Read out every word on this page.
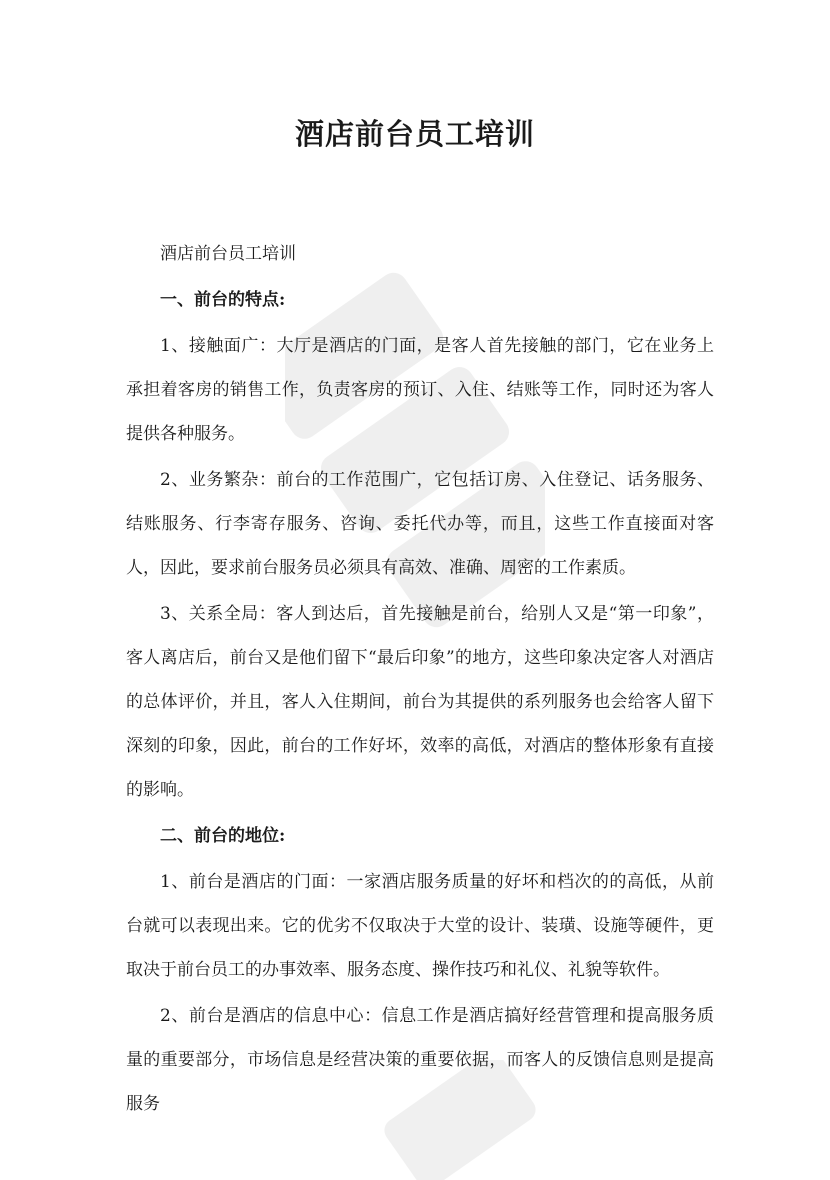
酒店前台员工培训

酒店前台员工培训

一、前台的特点:

1、接触面广：大厅是酒店的门面，是客人首先接触的部门，它在业务上承担着客房的销售工作，负责客房的预订、入住、结账等工作，同时还为客人提供各种服务。

2、业务繁杂：前台的工作范围广，它包括订房、入住登记、话务服务、结账服务、行李寄存服务、咨询、委托代办等，而且，这些工作直接面对客人，因此，要求前台服务员必须具有高效、准确、周密的工作素质。

3、关系全局：客人到达后，首先接触是前台，给别人又是“第一印象”，客人离店后，前台又是他们留下“最后印象”的地方，这些印象决定客人对酒店的总体评价，并且，客人入住期间，前台为其提供的系列服务也会给客人留下深刻的印象，因此，前台的工作好坏，效率的高低，对酒店的整体形象有直接的影响。

二、前台的地位:

1、前台是酒店的门面：一家酒店服务质量的好坏和档次的的高低，从前台就可以表现出来。它的优劣不仅取决于大堂的设计、装璜、设施等硬件，更取决于前台员工的办事效率、服务态度、操作技巧和礼仪、礼貌等软件。

2、前台是酒店的信息中心：信息工作是酒店搞好经营管理和提高服务质量的重要部分，市场信息是经营决策的重要依据，而客人的反馈信息则是提高服务
